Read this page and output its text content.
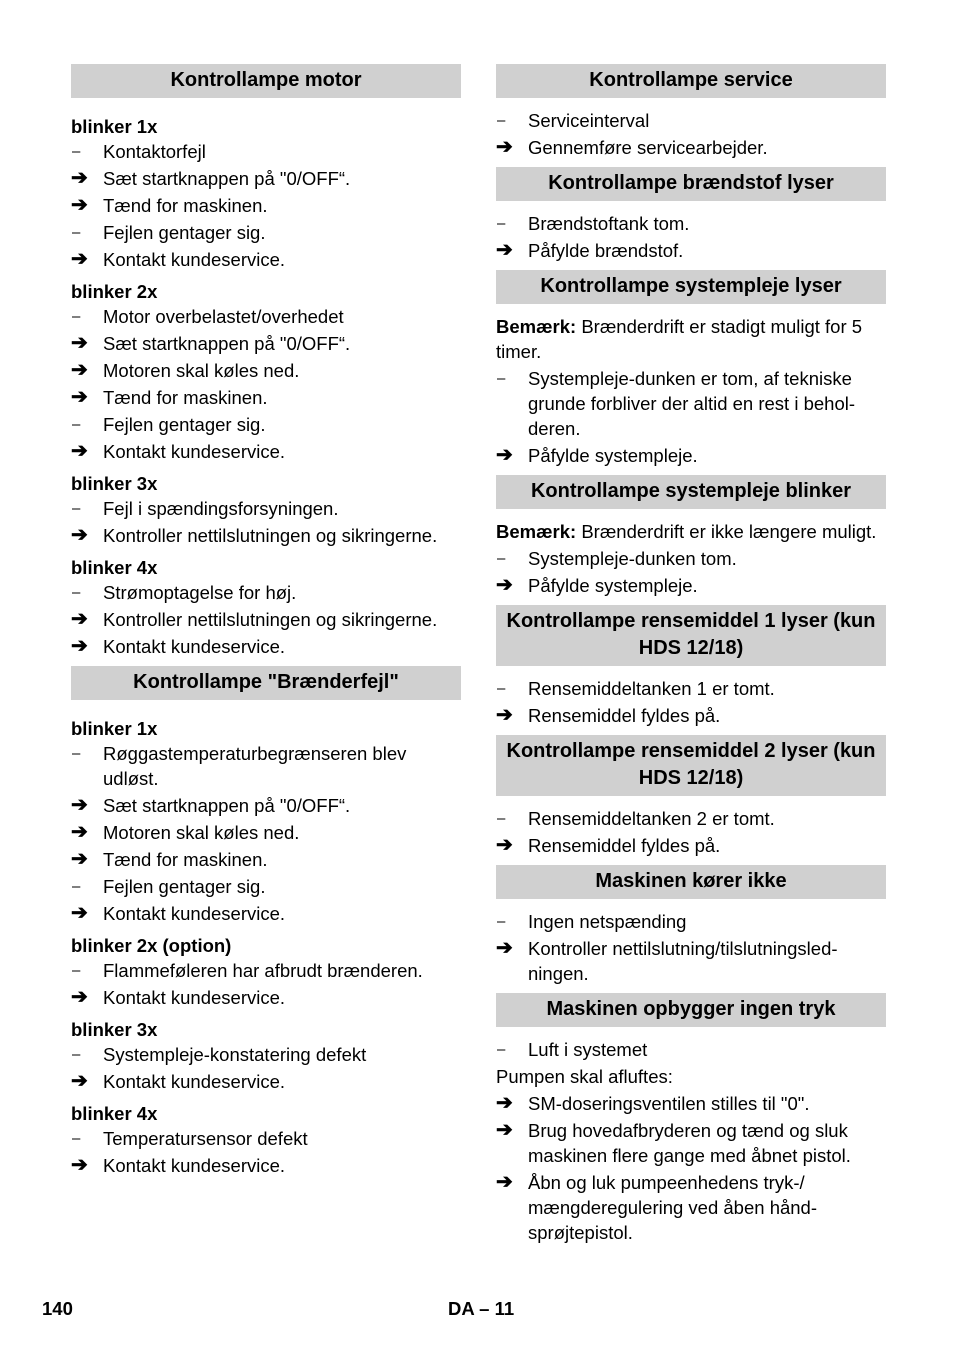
Kontrollampe motor
blinker 1x
–	Kontaktorfejl
➔ Sæt startknappen på "0/OFF“.
➔ Tænd for maskinen.
–	Fejlen gentager sig.
➔ Kontakt kundeservice.
blinker 2x
–	Motor overbelastet/overhedet
➔ Sæt startknappen på "0/OFF“.
➔ Motoren skal køles ned.
➔ Tænd for maskinen.
–	Fejlen gentager sig.
➔ Kontakt kundeservice.
blinker 3x
–	Fejl i spændingsforsyningen.
➔ Kontroller nettilslutningen og sikringerne.
blinker 4x
–	Strømoptagelse for høj.
➔ Kontroller nettilslutningen og sikringerne.
➔ Kontakt kundeservice.
Kontrollampe "Brænderfejl"
blinker 1x
–	Røggastemperaturbegrænseren blev udløst.
➔ Sæt startknappen på "0/OFF“.
➔ Motoren skal køles ned.
➔ Tænd for maskinen.
–	Fejlen gentager sig.
➔ Kontakt kundeservice.
blinker 2x (option)
–	Flammeføleren har afbrudt brænderen.
➔ Kontakt kundeservice.
blinker 3x
–	Systempleje-konstatering defekt
➔ Kontakt kundeservice.
blinker 4x
–	Temperatursensor defekt
➔ Kontakt kundeservice.
Kontrollampe service
–	Serviceinterval
➔ Gennemføre servicearbejder.
Kontrollampe brændstof lyser
–	Brændstoftank tom.
➔ Påfylde brændstof.
Kontrollampe systempleje lyser
Bemærk: Brænderdrift er stadigt muligt for 5 timer.
–	Systempleje-dunken er tom, af tekniske grunde forbliver der altid en rest i behol-deren.
➔ Påfylde systempleje.
Kontrollampe systempleje blinker
Bemærk: Brænderdrift er ikke længere muligt.
–	Systempleje-dunken tom.
➔ Påfylde systempleje.
Kontrollampe rensemiddel 1 lyser (kun HDS 12/18)
–	Rensemiddeltanken 1 er tomt.
➔ Rensemiddel fyldes på.
Kontrollampe rensemiddel 2 lyser (kun HDS 12/18)
–	Rensemiddeltanken 2 er tomt.
➔ Rensemiddel fyldes på.
Maskinen kører ikke
–	Ingen netspænding
➔ Kontroller nettilslutning/tilslutningsled-ningen.
Maskinen opbygger ingen tryk
–	Luft i systemet
Pumpen skal afluftes:
➔ SM-doseringsventilen stilles til "0".
➔ Brug hovedafbryderen og tænd og sluk maskinen flere gange med åbnet pistol.
➔ Åbn og luk pumpeenhedens tryk-/ mængderegulering ved åben hånd-sprøjtepistol.
140	DA – 11
